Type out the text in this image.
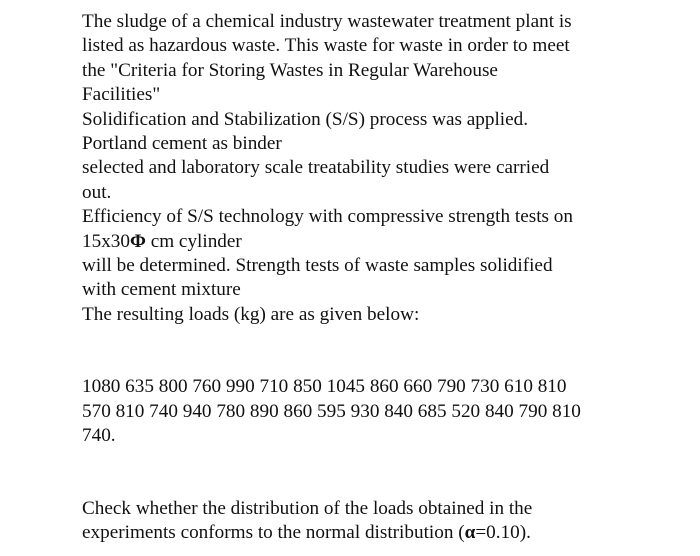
The sludge of a chemical industry wastewater treatment plant is
listed as hazardous waste. This waste for waste in order to meet
the "Criteria for Storing Wastes in Regular Warehouse
Facilities"
Solidification and Stabilization (S/S) process was applied.
Portland cement as binder
selected and laboratory scale treatability studies were carried
out.
Efficiency of S/S technology with compressive strength tests on
15x30Φ cm cylinder
will be determined. Strength tests of waste samples solidified
with cement mixture
The resulting loads (kg) are as given below:
1080 635 800 760 990 710 850 1045 860 660 790 730 610 810
570 810 740 940 780 890 860 595 930 840 685 520 840 790 810
740.
Check whether the distribution of the loads obtained in the
experiments conforms to the normal distribution (α=0.10).
